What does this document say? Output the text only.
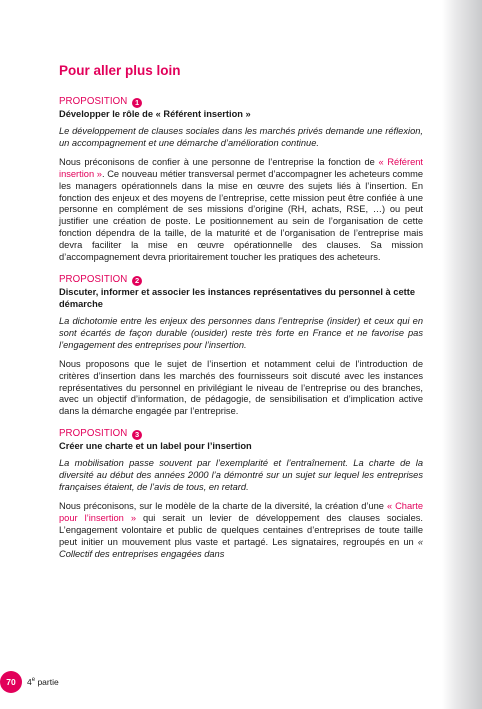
Pour aller plus loin

PROPOSITION 1

Développer le rôle de « Référent insertion »

Le développement de clauses sociales dans les marchés privés demande une réflexion, un accompagnement et une démarche d’amélioration continue.

Nous préconisons de confier à une personne de l’entreprise la fonction de « Référent insertion ». Ce nouveau métier transversal permet d’accompagner les acheteurs comme les managers opérationnels dans la mise en œuvre des sujets liés à l’insertion. En fonction des enjeux et des moyens de l’entreprise, cette mission peut être confiée à une personne en complément de ses missions d’origine (RH, achats, RSE, …) ou peut justifier une création de poste. Le positionnement au sein de l’organisation de cette fonction dépendra de la taille, de la maturité et de l’organisation de l’entreprise mais devra faciliter la mise en œuvre opérationnelle des clauses. Sa mission d’accompagnement devra prioritairement toucher les pratiques des acheteurs.

PROPOSITION 2

Discuter, informer et associer les instances représentatives du personnel à cette démarche

La dichotomie entre les enjeux des personnes dans l’entreprise (insider) et ceux qui en sont écartés de façon durable (ousider) reste très forte en France et ne favorise pas l’engagement des entreprises pour l’insertion.

Nous proposons que le sujet de l’insertion et notamment celui de l’introduction de critères d’insertion dans les marchés des fournisseurs soit discuté avec les instances représentatives du personnel en privilégiant le niveau de l’entreprise ou des branches, avec un objectif d’information, de pédagogie, de sensibilisation et d’implication active dans la démarche engagée par l’entreprise.

PROPOSITION 3

Créer une charte et un label pour l’insertion

La mobilisation passe souvent par l’exemplarité et l’entraînement. La charte de la diversité au début des années 2000 l’a démontré sur un sujet sur lequel les entreprises françaises étaient, de l’avis de tous, en retard.

Nous préconisons, sur le modèle de la charte de la diversité, la création d’une « Charte pour l’insertion » qui serait un levier de développement des clauses sociales. L’engagement volontaire et public de quelques centaines d’entreprises de toute taille peut initier un mouvement plus vaste et partagé. Les signataires, regroupés en un « Collectif des entreprises engagées dans

70	4e partie
